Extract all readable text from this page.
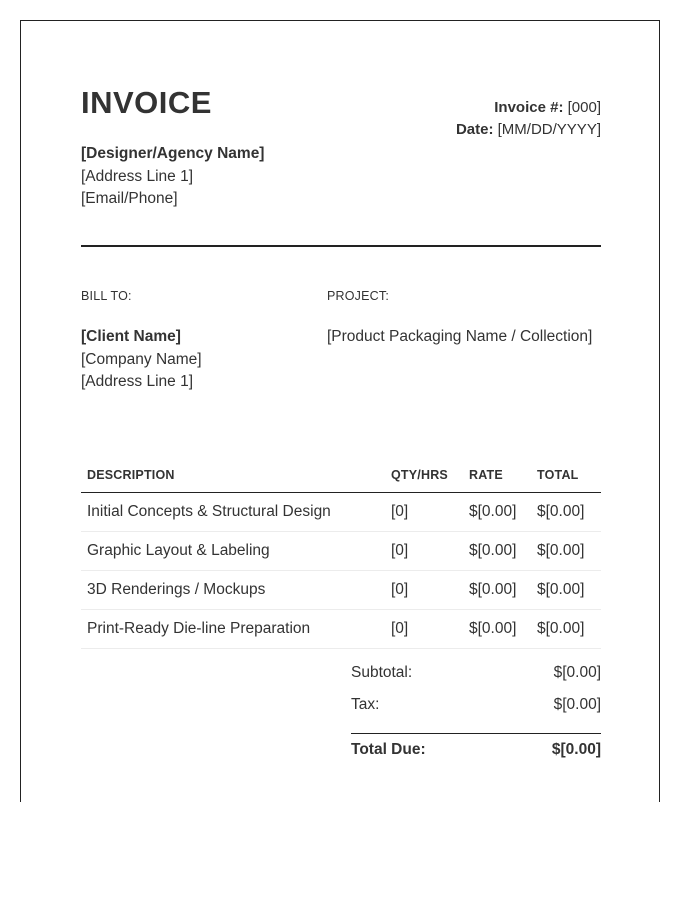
INVOICE	Invoice #: [000]
Date: [MM/DD/YYYY]
[Designer/Agency Name]
[Address Line 1]
[Email/Phone]
BILL TO:
[Client Name]
[Company Name]
[Address Line 1]
PROJECT:
[Product Packaging Name / Collection]
DESCRIPTION	QTY/HRS	RATE	TOTAL
Initial Concepts & Structural Design	[0]	$[0.00]	$[0.00]
Graphic Layout & Labeling	[0]	$[0.00]	$[0.00]
3D Renderings / Mockups	[0]	$[0.00]	$[0.00]
Print-Ready Die-line Preparation	[0]	$[0.00]	$[0.00]
Subtotal:	$[0.00]
Tax:	$[0.00]
Total Due:	$[0.00]
